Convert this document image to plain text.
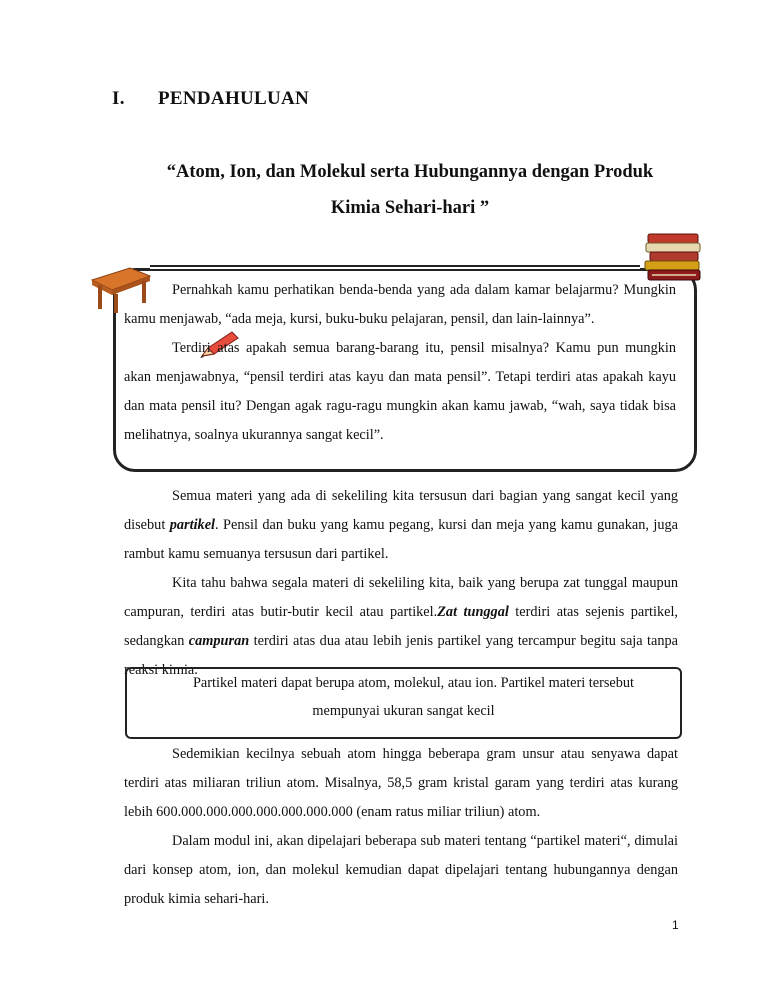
I. PENDAHULUAN
“Atom, Ion, dan Molekul serta Hubungannya dengan Produk
Kimia Sehari-hari ”

Pernahkah kamu perhatikan benda-benda yang ada dalam kamar belajarmu? Mungkin kamu menjawab, “ada meja, kursi, buku-buku pelajaran, pensil, dan lain-lainnya”.

Terdiri atas apakah semua barang-barang itu, pensil misalnya? Kamu pun mungkin akan menjawabnya, “pensil terdiri atas kayu dan mata pensil”. Tetapi terdiri atas apakah kayu dan mata pensil itu? Dengan agak ragu-ragu mungkin akan kamu jawab, “wah, saya tidak bisa melihatnya, soalnya ukurannya sangat kecil”.

Semua materi yang ada di sekeliling kita tersusun dari bagian yang sangat kecil yang disebut partikel. Pensil dan buku yang kamu pegang, kursi dan meja yang kamu gunakan, juga rambut kamu semuanya tersusun dari partikel.

Kita tahu bahwa segala materi di sekeliling kita, baik yang berupa zat tunggal maupun campuran, terdiri atas butir-butir kecil atau partikel.Zat tunggal terdiri atas sejenis partikel, sedangkan campuran terdiri atas dua atau lebih jenis partikel yang tercampur begitu saja tanpa reaksi kimia.

Partikel materi dapat berupa atom, molekul, atau ion. Partikel materi tersebut
mempunyai ukuran sangat kecil

Sedemikian kecilnya sebuah atom hingga beberapa gram unsur atau senyawa dapat terdiri atas miliaran triliun atom. Misalnya, 58,5 gram kristal garam yang terdiri atas kurang lebih 600.000.000.000.000.000.000.000 (enam ratus miliar triliun) atom.

Dalam modul ini, akan dipelajari beberapa sub materi tentang “partikel materi“, dimulai dari konsep atom, ion, dan molekul kemudian dapat dipelajari tentang hubungannya dengan produk kimia sehari-hari.

1
